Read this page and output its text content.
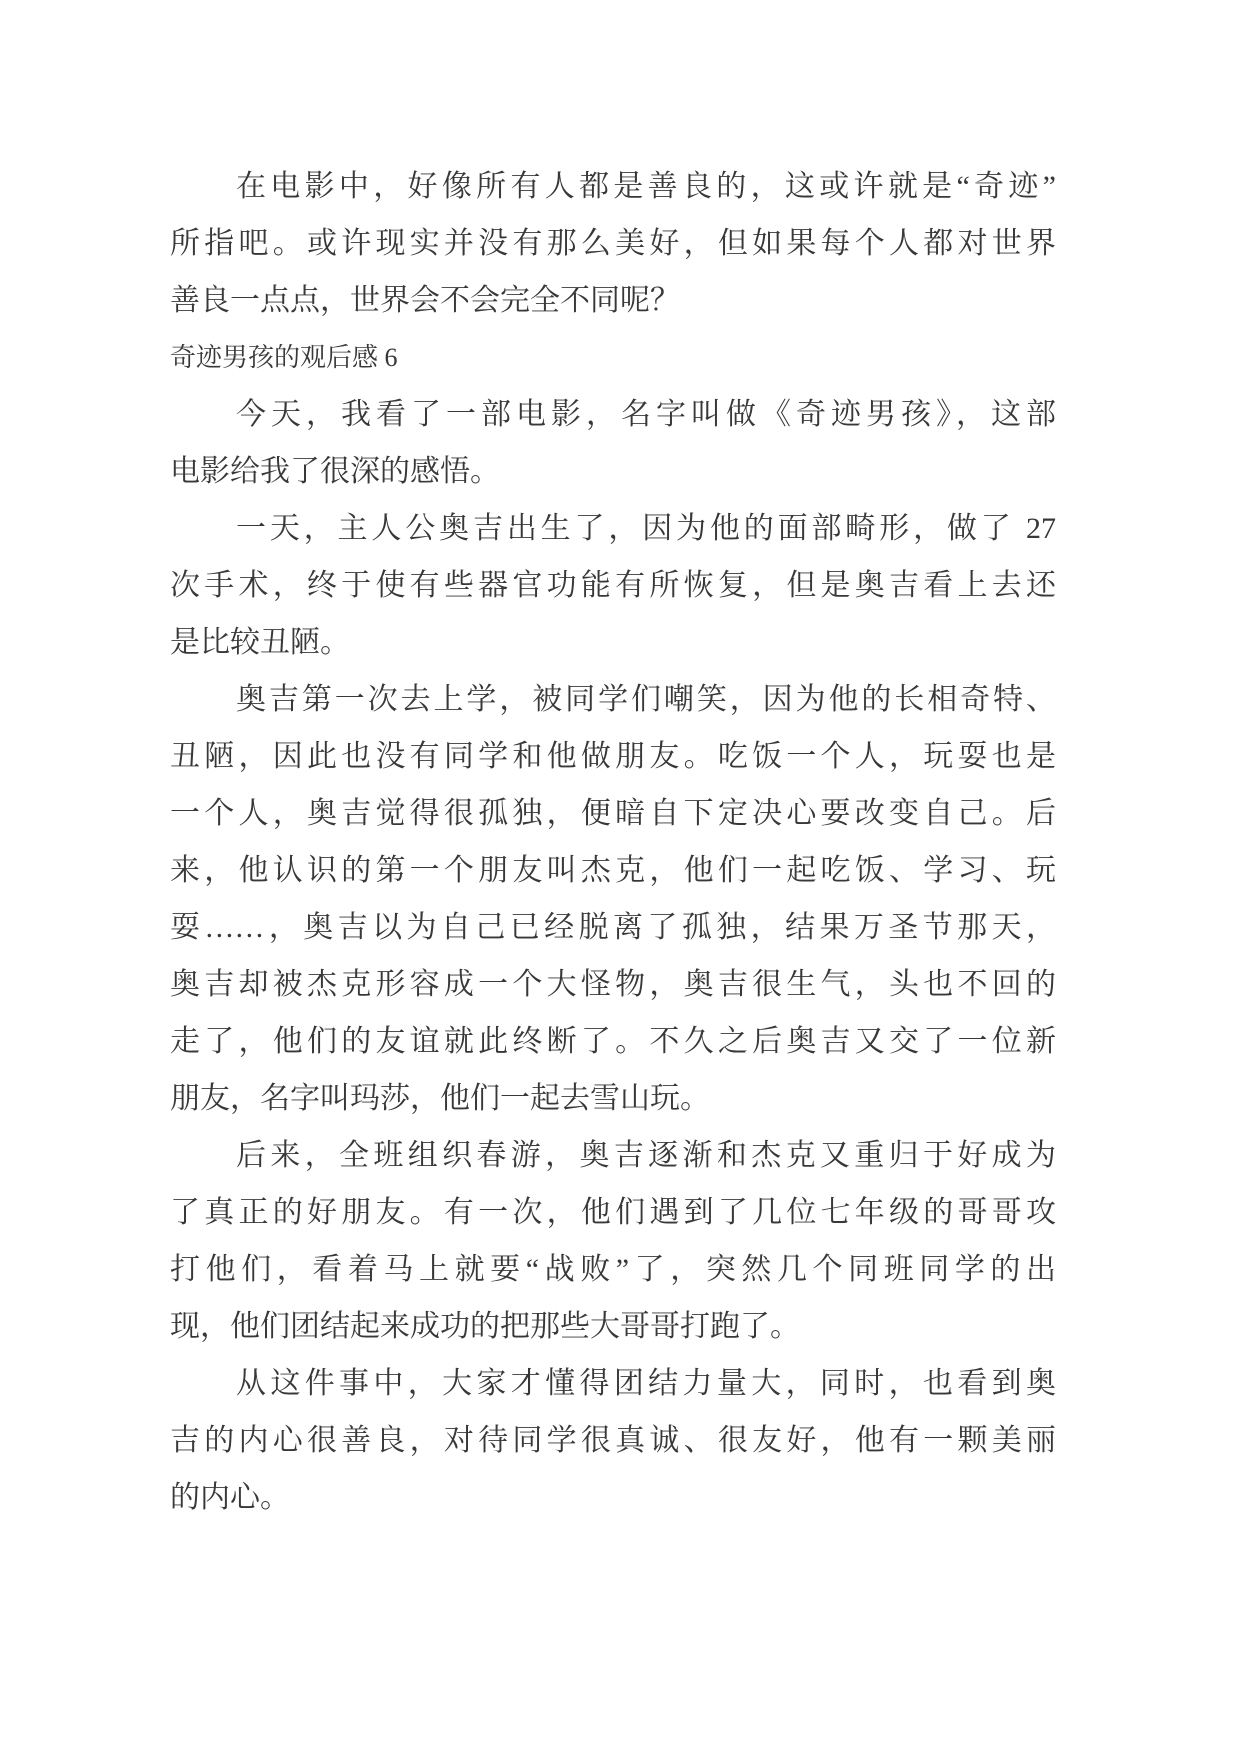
在电影中，好像所有人都是善良的，这或许就是“奇迹”
所指吧。或许现实并没有那么美好，但如果每个人都对世界
善良一点点，世界会不会完全不同呢？
奇迹男孩的观后感 6
今天，我看了一部电影，名字叫做《奇迹男孩》，这部
电影给我了很深的感悟。
一天，主人公奥吉出生了，因为他的面部畸形，做了 27
次手术，终于使有些器官功能有所恢复，但是奥吉看上去还
是比较丑陋。
奥吉第一次去上学，被同学们嘲笑，因为他的长相奇特、
丑陋，因此也没有同学和他做朋友。吃饭一个人，玩耍也是
一个人，奥吉觉得很孤独，便暗自下定决心要改变自己。后
来，他认识的第一个朋友叫杰克，他们一起吃饭、学习、玩
耍……，奥吉以为自己已经脱离了孤独，结果万圣节那天，
奥吉却被杰克形容成一个大怪物，奥吉很生气，头也不回的
走了，他们的友谊就此终断了。不久之后奥吉又交了一位新
朋友，名字叫玛莎，他们一起去雪山玩。
后来，全班组织春游，奥吉逐渐和杰克又重归于好成为
了真正的好朋友。有一次，他们遇到了几位七年级的哥哥攻
打他们，看着马上就要“战败”了，突然几个同班同学的出
现，他们团结起来成功的把那些大哥哥打跑了。
从这件事中，大家才懂得团结力量大，同时，也看到奥
吉的内心很善良，对待同学很真诚、很友好，他有一颗美丽
的内心。
